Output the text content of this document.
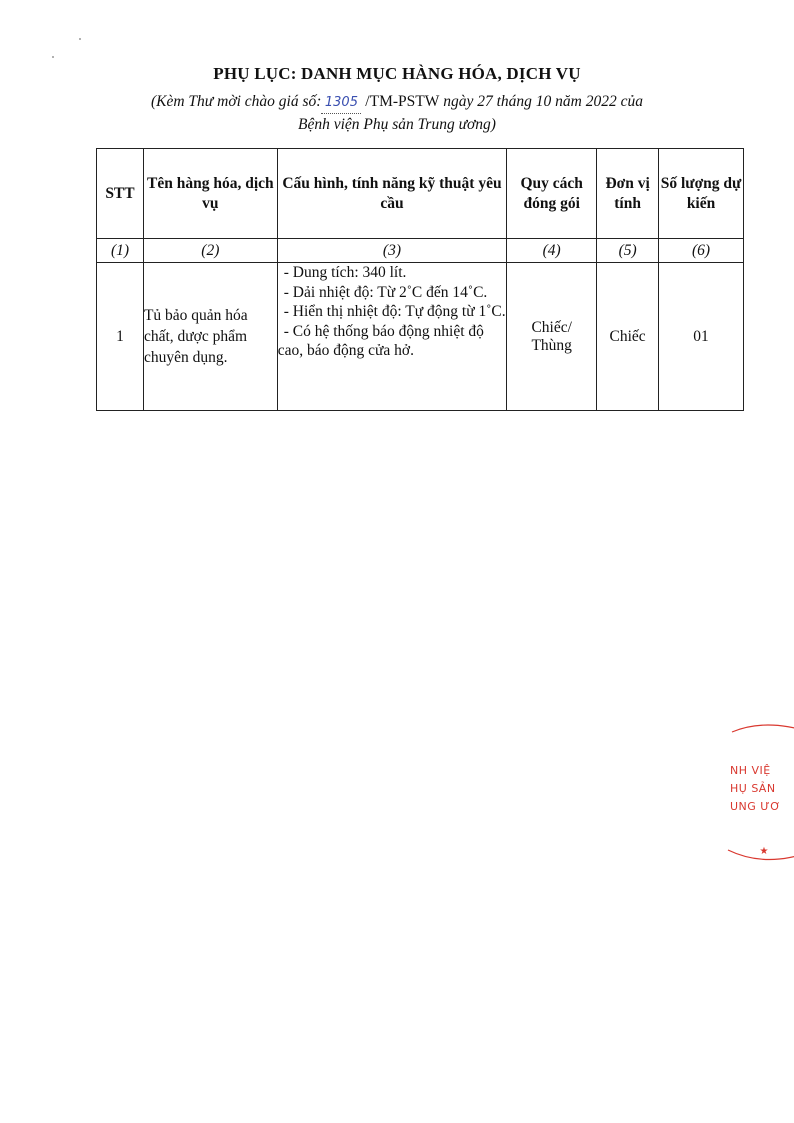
PHỤ LỤC: DANH MỤC HÀNG HÓA, DỊCH VỤ
(Kèm Thư mời chào giá số: 1305 /TM-PSTW ngày 27 tháng 10 năm 2022 của
Bệnh viện Phụ sản Trung ương)
STT	Tên hàng hóa, dịch vụ	Cấu hình, tính năng kỹ thuật yêu cầu	Quy cách đóng gói	Đơn vị tính	Số lượng dự kiến
(1)	(2)	(3)	(4)	(5)	(6)
1	Tủ bảo quản hóa chất, dược phẩm chuyên dụng.	- Dung tích: 340 lít.
- Dải nhiệt độ: Từ 2˚C đến 14˚C.
- Hiển thị nhiệt độ: Tự động từ 1˚C.
- Có hệ thống báo động nhiệt độ cao, báo động cửa hở.	Chiếc/ Thùng	Chiếc	01
★
NH VIỆ
HỤ SẢN
UNG ƯƠ
